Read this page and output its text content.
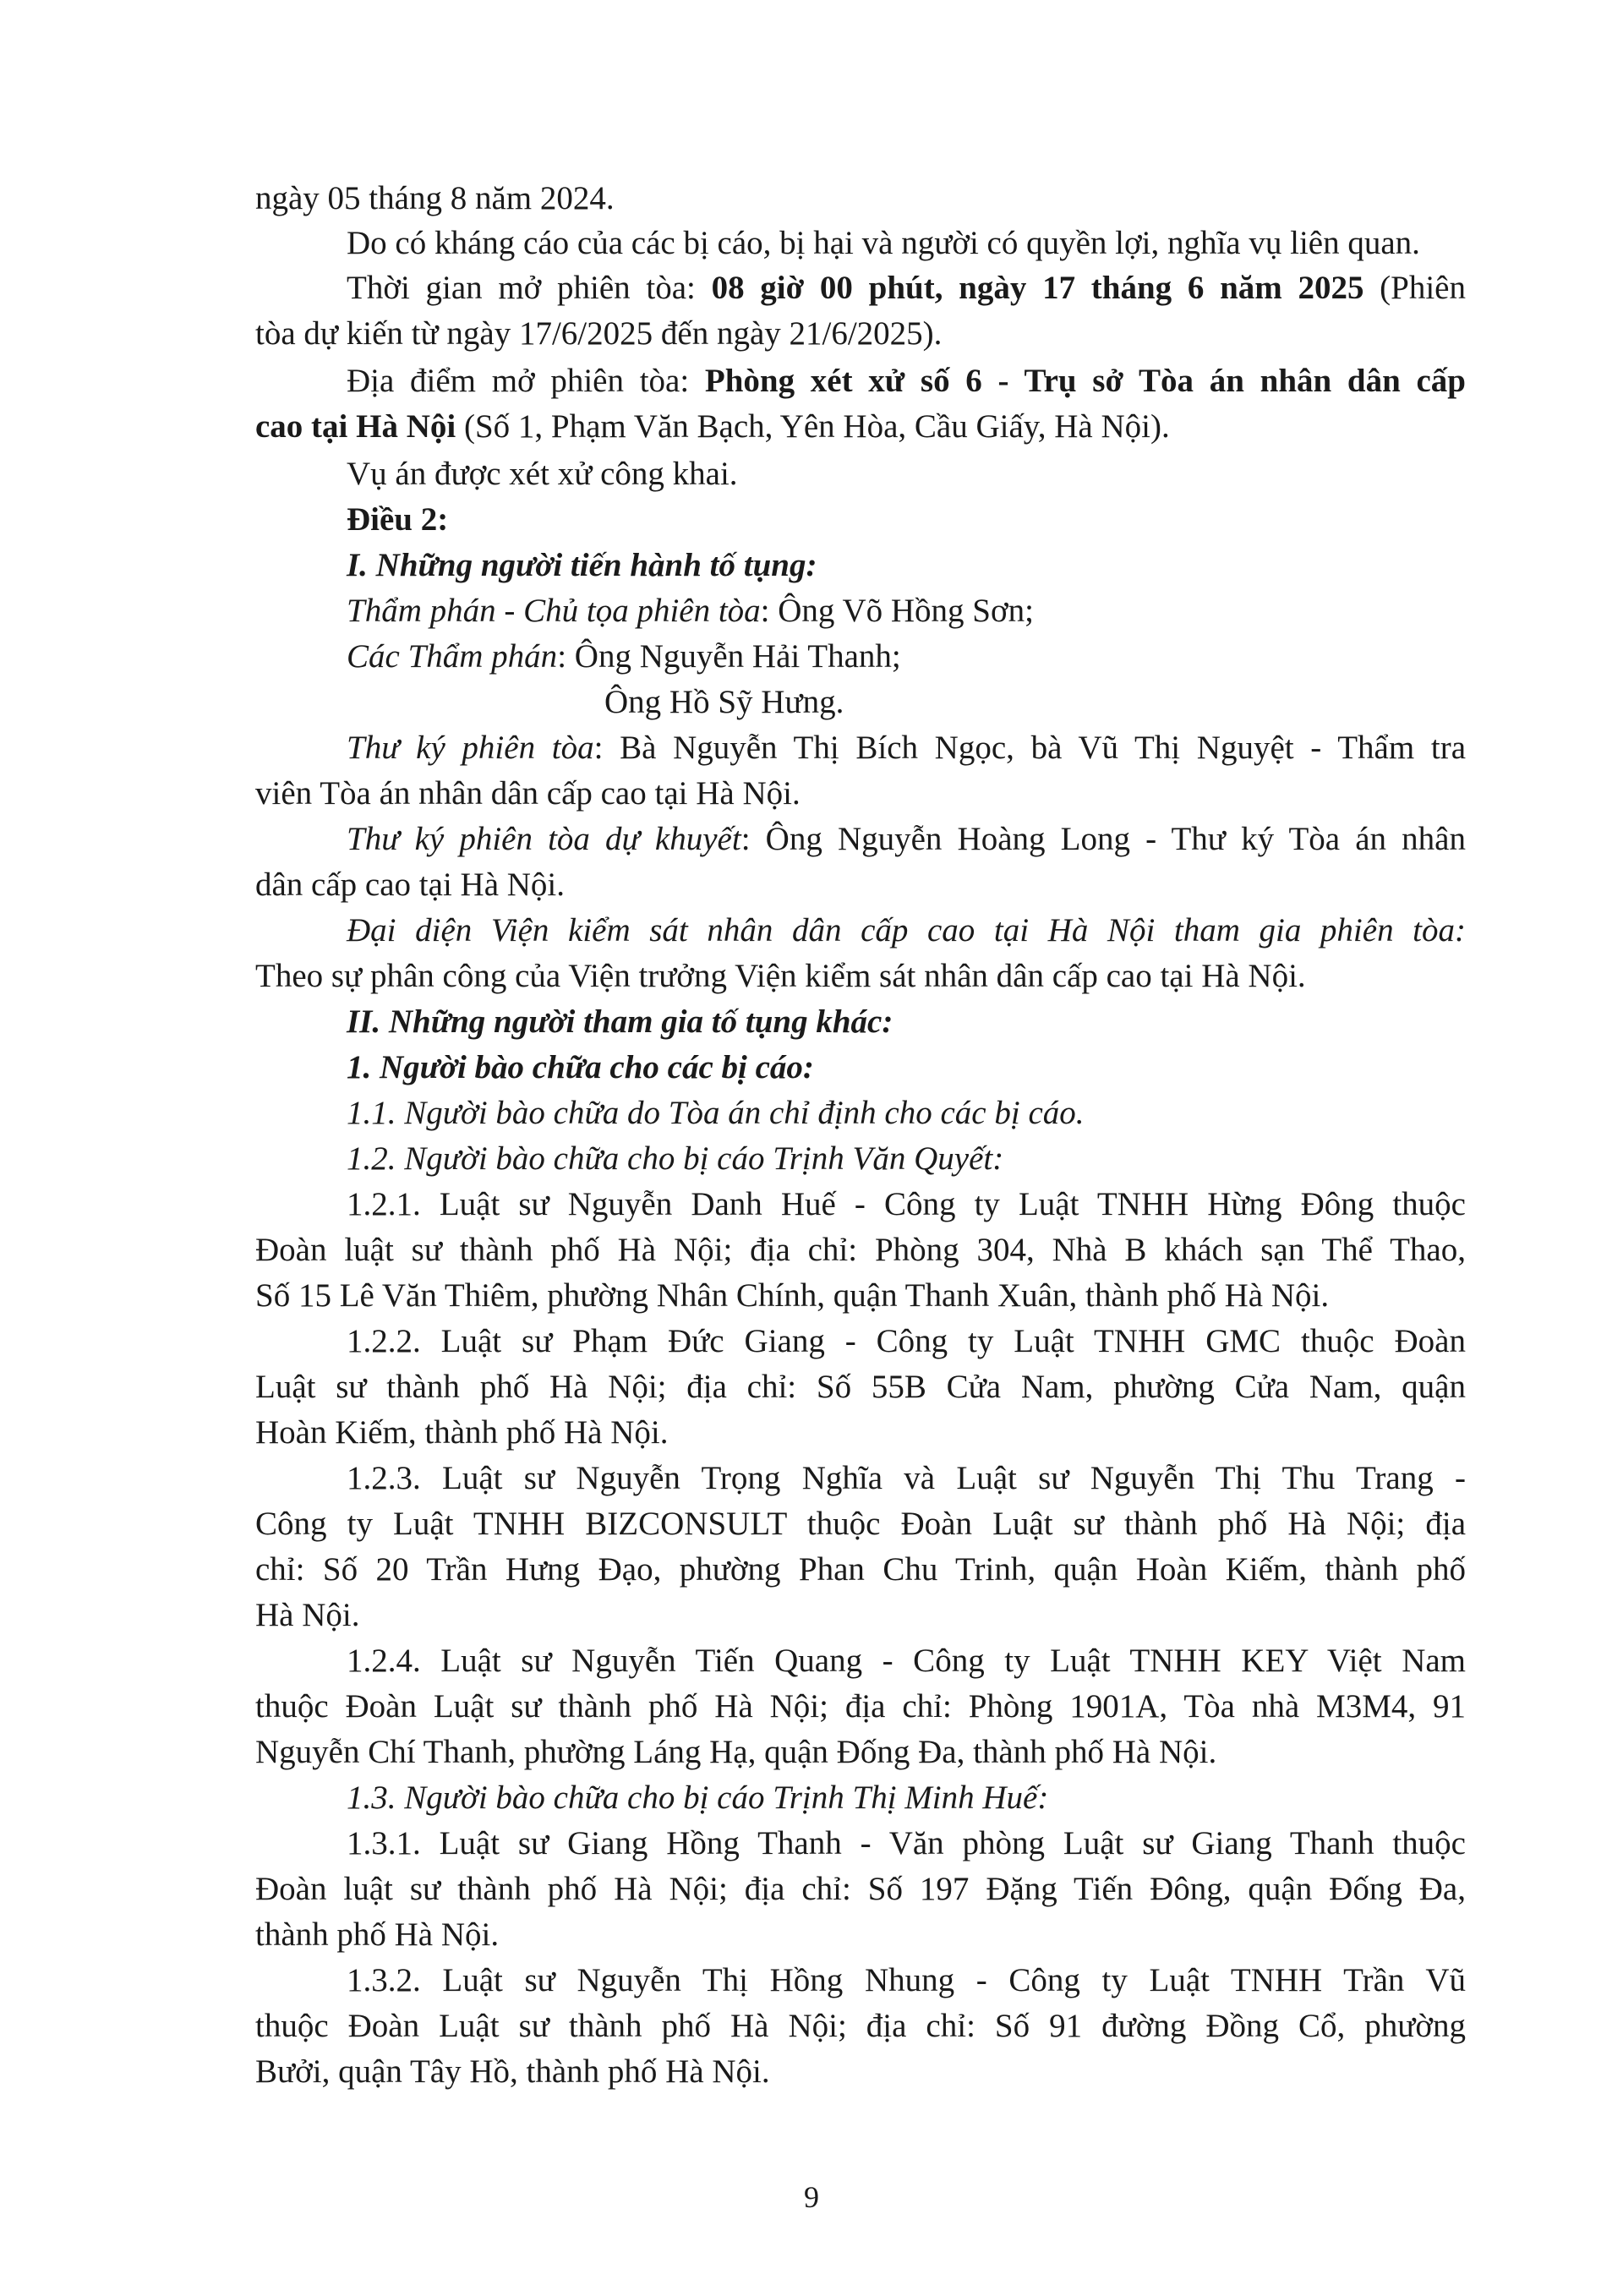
ngày 05 tháng 8 năm 2024.
Do có kháng cáo của các bị cáo, bị hại và người có quyền lợi, nghĩa vụ liên quan.
Thời gian mở phiên tòa: 08 giờ 00 phút, ngày 17 tháng 6 năm 2025 (Phiên
tòa dự kiến từ ngày 17/6/2025 đến ngày 21/6/2025).
Địa điểm mở phiên tòa: Phòng xét xử số 6 - Trụ sở Tòa án nhân dân cấp
cao tại Hà Nội (Số 1, Phạm Văn Bạch, Yên Hòa, Cầu Giấy, Hà Nội).
Vụ án được xét xử công khai.
Điều 2:
I. Những người tiến hành tố tụng:
Thẩm phán - Chủ tọa phiên tòa: Ông Võ Hồng Sơn;
Các Thẩm phán: Ông Nguyễn Hải Thanh;
Ông Hồ Sỹ Hưng.
Thư ký phiên tòa: Bà Nguyễn Thị Bích Ngọc, bà Vũ Thị Nguyệt - Thẩm tra
viên Tòa án nhân dân cấp cao tại Hà Nội.
Thư ký phiên tòa dự khuyết: Ông Nguyễn Hoàng Long - Thư ký Tòa án nhân
dân cấp cao tại Hà Nội.
Đại diện Viện kiểm sát nhân dân cấp cao tại Hà Nội tham gia phiên tòa:
Theo sự phân công của Viện trưởng Viện kiểm sát nhân dân cấp cao tại Hà Nội.
II. Những người tham gia tố tụng khác:
1. Người bào chữa cho các bị cáo:
1.1. Người bào chữa do Tòa án chỉ định cho các bị cáo.
1.2. Người bào chữa cho bị cáo Trịnh Văn Quyết:
1.2.1. Luật sư Nguyễn Danh Huế - Công ty Luật TNHH Hừng Đông thuộc
Đoàn luật sư thành phố Hà Nội; địa chỉ: Phòng 304, Nhà B khách sạn Thể Thao,
Số 15 Lê Văn Thiêm, phường Nhân Chính, quận Thanh Xuân, thành phố Hà Nội.
1.2.2. Luật sư Phạm Đức Giang - Công ty Luật TNHH GMC thuộc Đoàn
Luật sư thành phố Hà Nội; địa chỉ: Số 55B Cửa Nam, phường Cửa Nam, quận
Hoàn Kiếm, thành phố Hà Nội.
1.2.3. Luật sư Nguyễn Trọng Nghĩa và Luật sư Nguyễn Thị Thu Trang -
Công ty Luật TNHH BIZCONSULT thuộc Đoàn Luật sư thành phố Hà Nội; địa
chỉ: Số 20 Trần Hưng Đạo, phường Phan Chu Trinh, quận Hoàn Kiếm, thành phố
Hà Nội.
1.2.4. Luật sư Nguyễn Tiến Quang - Công ty Luật TNHH KEY Việt Nam
thuộc Đoàn Luật sư thành phố Hà Nội; địa chỉ: Phòng 1901A, Tòa nhà M3M4, 91
Nguyễn Chí Thanh, phường Láng Hạ, quận Đống Đa, thành phố Hà Nội.
1.3. Người bào chữa cho bị cáo Trịnh Thị Minh Huế:
1.3.1. Luật sư Giang Hồng Thanh - Văn phòng Luật sư Giang Thanh thuộc
Đoàn luật sư thành phố Hà Nội; địa chỉ: Số 197 Đặng Tiến Đông, quận Đống Đa,
thành phố Hà Nội.
1.3.2. Luật sư Nguyễn Thị Hồng Nhung - Công ty Luật TNHH Trần Vũ
thuộc Đoàn Luật sư thành phố Hà Nội; địa chỉ: Số 91 đường Đồng Cổ, phường
Bưởi, quận Tây Hồ, thành phố Hà Nội.
9
